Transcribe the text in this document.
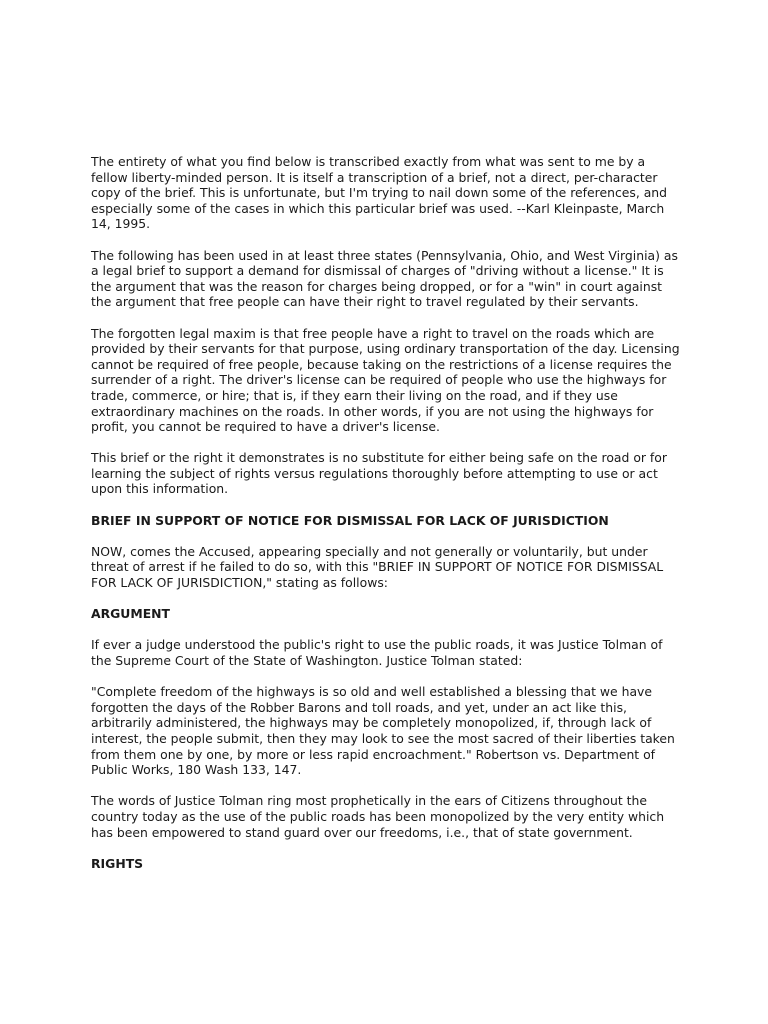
The entirety of what you find below is transcribed exactly from what was sent to me by a fellow liberty-minded person. It is itself a transcription of a brief, not a direct, per-character copy of the brief. This is unfortunate, but I'm trying to nail down some of the references, and especially some of the cases in which this particular brief was used. --Karl Kleinpaste, March 14, 1995.

The following has been used in at least three states (Pennsylvania, Ohio, and West Virginia) as a legal brief to support a demand for dismissal of charges of "driving without a license." It is the argument that was the reason for charges being dropped, or for a "win" in court against the argument that free people can have their right to travel regulated by their servants.

The forgotten legal maxim is that free people have a right to travel on the roads which are provided by their servants for that purpose, using ordinary transportation of the day. Licensing cannot be required of free people, because taking on the restrictions of a license requires the surrender of a right. The driver's license can be required of people who use the highways for trade, commerce, or hire; that is, if they earn their living on the road, and if they use extraordinary machines on the roads. In other words, if you are not using the highways for profit, you cannot be required to have a driver's license.

This brief or the right it demonstrates is no substitute for either being safe on the road or for learning the subject of rights versus regulations thoroughly before attempting to use or act upon this information.

BRIEF IN SUPPORT OF NOTICE FOR DISMISSAL FOR LACK OF JURISDICTION

NOW, comes the Accused, appearing specially and not generally or voluntarily, but under threat of arrest if he failed to do so, with this "BRIEF IN SUPPORT OF NOTICE FOR DISMISSAL FOR LACK OF JURISDICTION," stating as follows:

ARGUMENT

If ever a judge understood the public's right to use the public roads, it was Justice Tolman of the Supreme Court of the State of Washington. Justice Tolman stated:

"Complete freedom of the highways is so old and well established a blessing that we have forgotten the days of the Robber Barons and toll roads, and yet, under an act like this, arbitrarily administered, the highways may be completely monopolized, if, through lack of interest, the people submit, then they may look to see the most sacred of their liberties taken from them one by one, by more or less rapid encroachment." Robertson vs. Department of Public Works, 180 Wash 133, 147.

The words of Justice Tolman ring most prophetically in the ears of Citizens throughout the country today as the use of the public roads has been monopolized by the very entity which has been empowered to stand guard over our freedoms, i.e., that of state government.

RIGHTS
